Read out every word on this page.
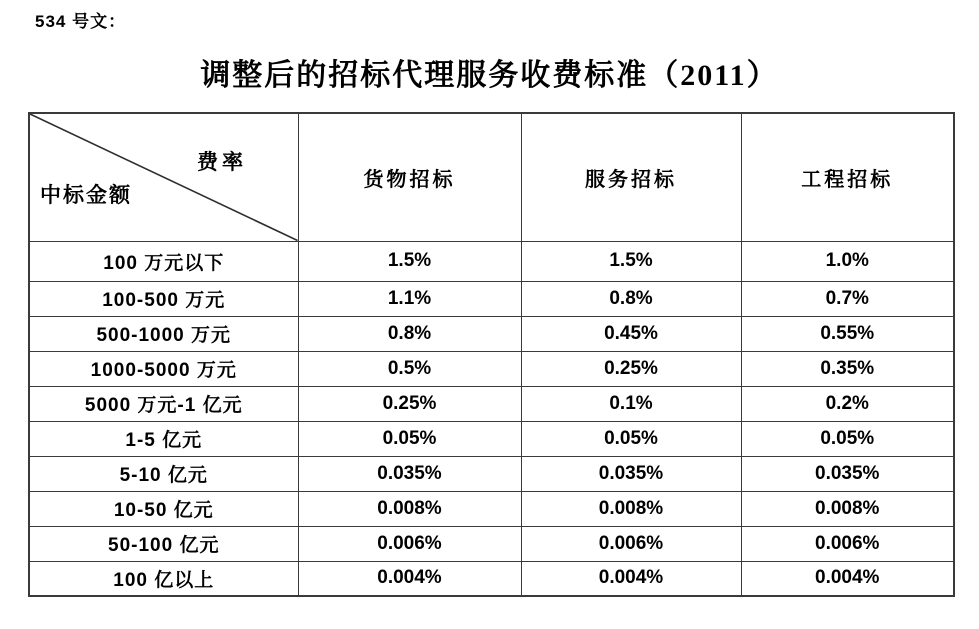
534 号文：
调整后的招标代理服务收费标准（2011）
费率
中标金额	货物招标	服务招标	工程招标
100 万元以下	1.5%	1.5%	1.0%
100-500 万元	1.1%	0.8%	0.7%
500-1000 万元	0.8%	0.45%	0.55%
1000-5000 万元	0.5%	0.25%	0.35%
5000 万元-1 亿元	0.25%	0.1%	0.2%
1-5 亿元	0.05%	0.05%	0.05%
5-10 亿元	0.035%	0.035%	0.035%
10-50 亿元	0.008%	0.008%	0.008%
50-100 亿元	0.006%	0.006%	0.006%
100 亿以上	0.004%	0.004%	0.004%
